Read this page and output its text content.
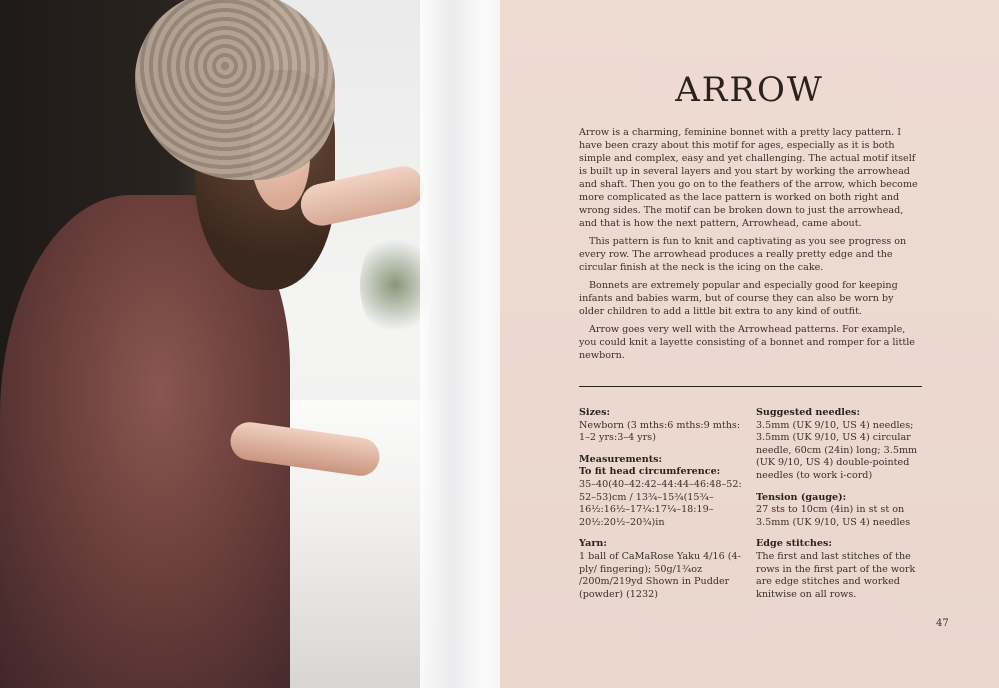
ARROW

Arrow is a charming, feminine bonnet with a pretty lacy pattern. I have been crazy about this motif for ages, especially as it is both simple and complex, easy and yet challenging. The actual motif itself is built up in several layers and you start by working the arrowhead and shaft. Then you go on to the feathers of the arrow, which become more complicated as the lace pattern is worked on both right and wrong sides. The motif can be broken down to just the arrowhead, and that is how the next pattern, Arrowhead, came about.

This pattern is fun to knit and captivating as you see progress on every row. The arrowhead produces a really pretty edge and the circular finish at the neck is the icing on the cake.

Bonnets are extremely popular and especially good for keeping infants and babies warm, but of course they can also be worn by older children to add a little bit extra to any kind of outfit.

Arrow goes very well with the Arrowhead patterns. For example, you could knit a layette consisting of a bonnet and romper for a little newborn.

Sizes:
Newborn (3 mths:6 mths:9 mths: 1–2 yrs:3–4 yrs)
Measurements:
To fit head circumference:
35–40(40–42:42–44:44–46:48–52: 52–53)cm / 13¾–15¾(15¾–16½:16½–17¼:17¼–18:19–20½:20½–20¾)in
Yarn:
1 ball of CaMaRose Yaku 4/16 (4-ply/ fingering); 50g/1¾oz /200m/219yd Shown in Pudder (powder) (1232)
Suggested needles:
3.5mm (UK 9/10, US 4) needles; 3.5mm (UK 9/10, US 4) circular needle, 60cm (24in) long; 3.5mm (UK 9/10, US 4) double-pointed needles (to work i-cord)
Tension (gauge):
27 sts to 10cm (4in) in st st on 3.5mm (UK 9/10, US 4) needles
Edge stitches:
The first and last stitches of the rows in the first part of the work are edge stitches and worked knitwise on all rows.
47
